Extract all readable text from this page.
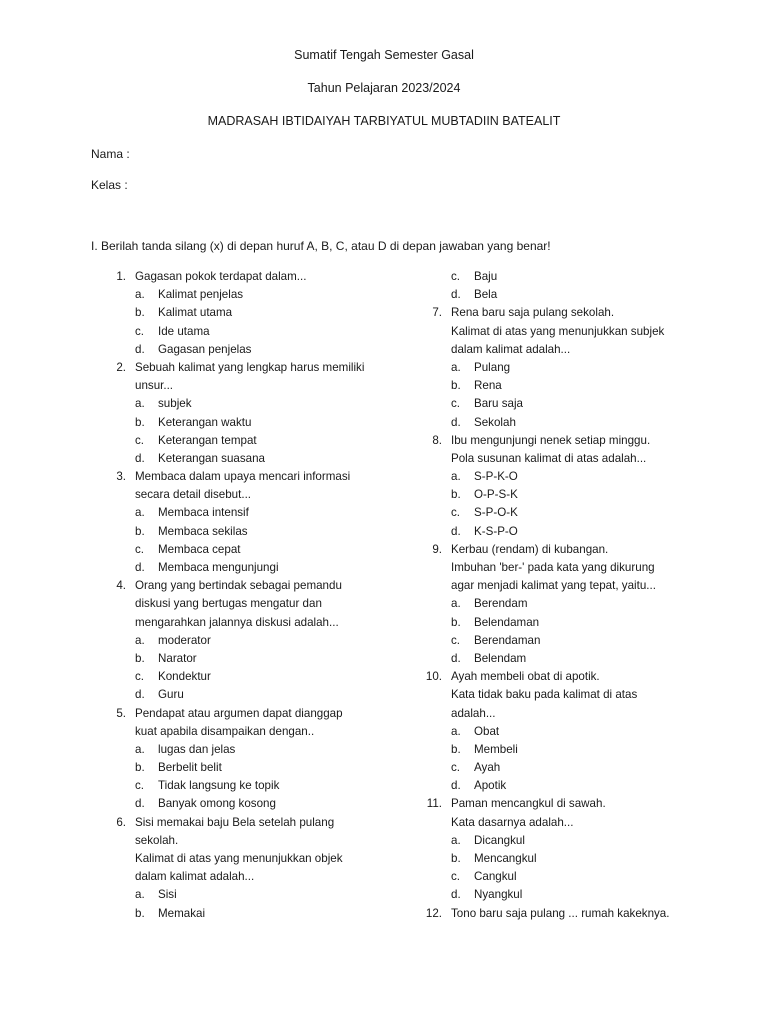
Sumatif Tengah Semester Gasal
Tahun Pelajaran 2023/2024
MADRASAH IBTIDAIYAH TARBIYATUL MUBTADIIN BATEALIT
Nama :
Kelas :
I. Berilah tanda silang (x) di depan huruf A, B, C, atau D di depan jawaban yang benar!
1. Gagasan pokok terdapat dalam...
a. Kalimat penjelas
b. Kalimat utama
c. Ide utama
d. Gagasan penjelas
2. Sebuah kalimat yang lengkap harus memiliki
unsur...
a. subjek
b. Keterangan waktu
c. Keterangan tempat
d. Keterangan suasana
3. Membaca dalam upaya mencari informasi
secara detail disebut...
a. Membaca intensif
b. Membaca sekilas
c. Membaca cepat
d. Membaca mengunjungi
4. Orang yang bertindak sebagai pemandu
diskusi yang bertugas mengatur dan
mengarahkan jalannya diskusi adalah...
a. moderator
b. Narator
c. Kondektur
d. Guru
5. Pendapat atau argumen dapat dianggap
kuat apabila disampaikan dengan..
a. lugas dan jelas
b. Berbelit belit
c. Tidak langsung ke topik
d. Banyak omong kosong
6. Sisi memakai baju Bela setelah pulang
sekolah.
Kalimat di atas yang menunjukkan objek
dalam kalimat adalah...
a. Sisi
b. Memakai
c. Baju
d. Bela
7. Rena baru saja pulang sekolah.
Kalimat di atas yang menunjukkan subjek
dalam kalimat adalah...
a. Pulang
b. Rena
c. Baru saja
d. Sekolah
8. Ibu mengunjungi nenek setiap minggu.
Pola susunan kalimat di atas adalah...
a. S-P-K-O
b. O-P-S-K
c. S-P-O-K
d. K-S-P-O
9. Kerbau (rendam) di kubangan.
Imbuhan 'ber-' pada kata yang dikurung
agar menjadi kalimat yang tepat, yaitu...
a. Berendam
b. Belendaman
c. Berendaman
d. Belendam
10. Ayah membeli obat di apotik.
Kata tidak baku pada kalimat di atas
adalah...
a. Obat
b. Membeli
c. Ayah
d. Apotik
11. Paman mencangkul di sawah.
Kata dasarnya adalah...
a. Dicangkul
b. Mencangkul
c. Cangkul
d. Nyangkul
12. Tono baru saja pulang ... rumah kakeknya.
